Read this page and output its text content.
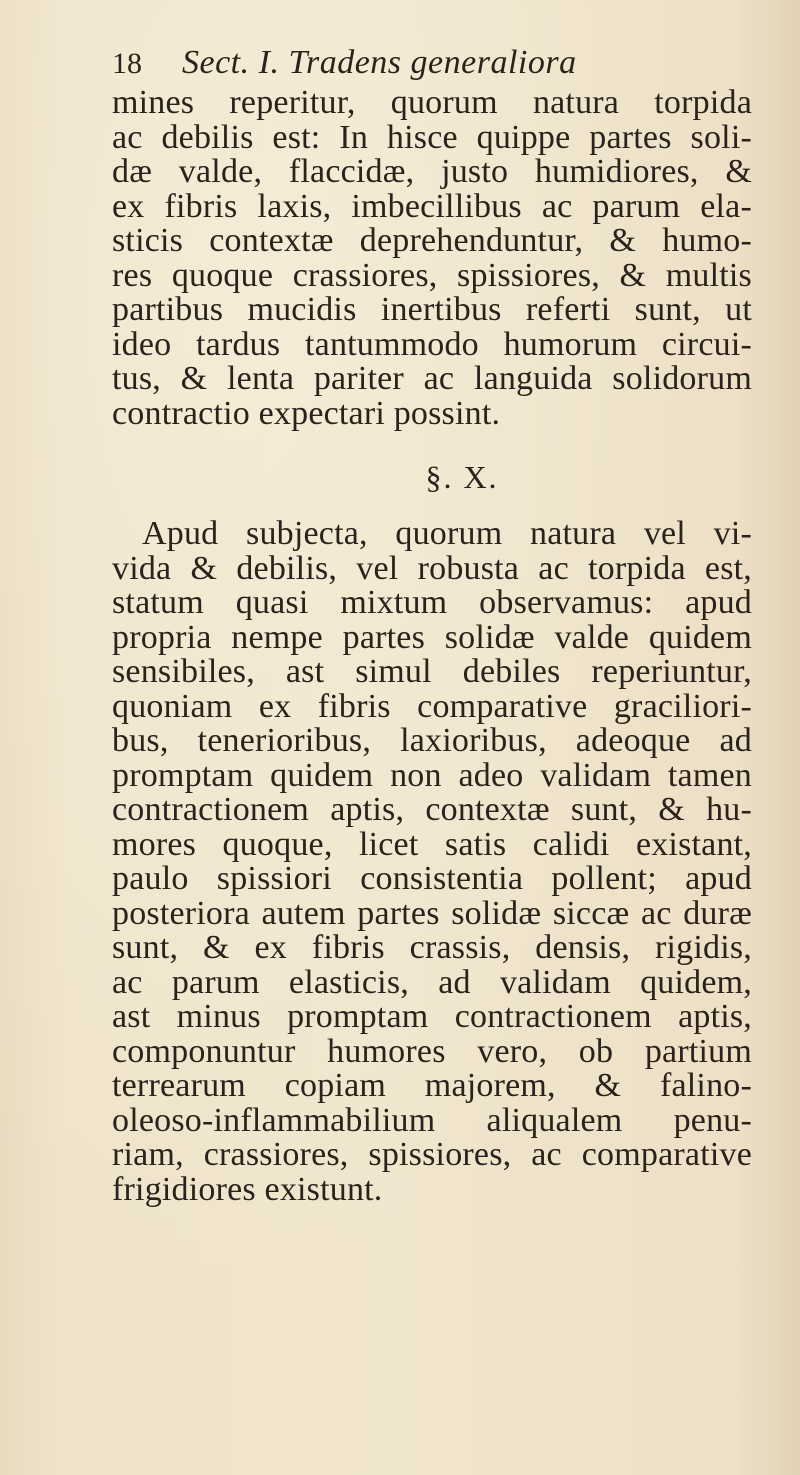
18	Sect. I. Tradens generaliora
mines reperitur, quorum natura torpida
ac debilis est: In hisce quippe partes soli-
dæ valde, flaccidæ, justo humidiores, &
ex fibris laxis, imbecillibus ac parum ela-
sticis contextæ deprehenduntur, & humo-
res quoque crassiores, spissiores, & multis
partibus mucidis inertibus referti sunt, ut
ideo tardus tantummodo humorum circui-
tus, & lenta pariter ac languida solidorum
contractio expectari possint.
§. X.
Apud subjecta, quorum natura vel vi-
vida & debilis, vel robusta ac torpida est,
statum quasi mixtum observamus: apud
propria nempe partes solidæ valde quidem
sensibiles, ast simul debiles reperiuntur,
quoniam ex fibris comparative graciliori-
bus, tenerioribus, laxioribus, adeoque ad
promptam quidem non adeo validam tamen
contractionem aptis, contextæ sunt, & hu-
mores quoque, licet satis calidi existant,
paulo spissiori consistentia pollent; apud
posteriora autem partes solidæ siccæ ac duræ
sunt, & ex fibris crassis, densis, rigidis,
ac parum elasticis, ad validam quidem,
ast minus promptam contractionem aptis,
componuntur humores vero, ob partium
terrearum copiam majorem, & falino-
oleoso-inflammabilium aliqualem penu-
riam, crassiores, spissiores, ac comparative
frigidiores existunt.
